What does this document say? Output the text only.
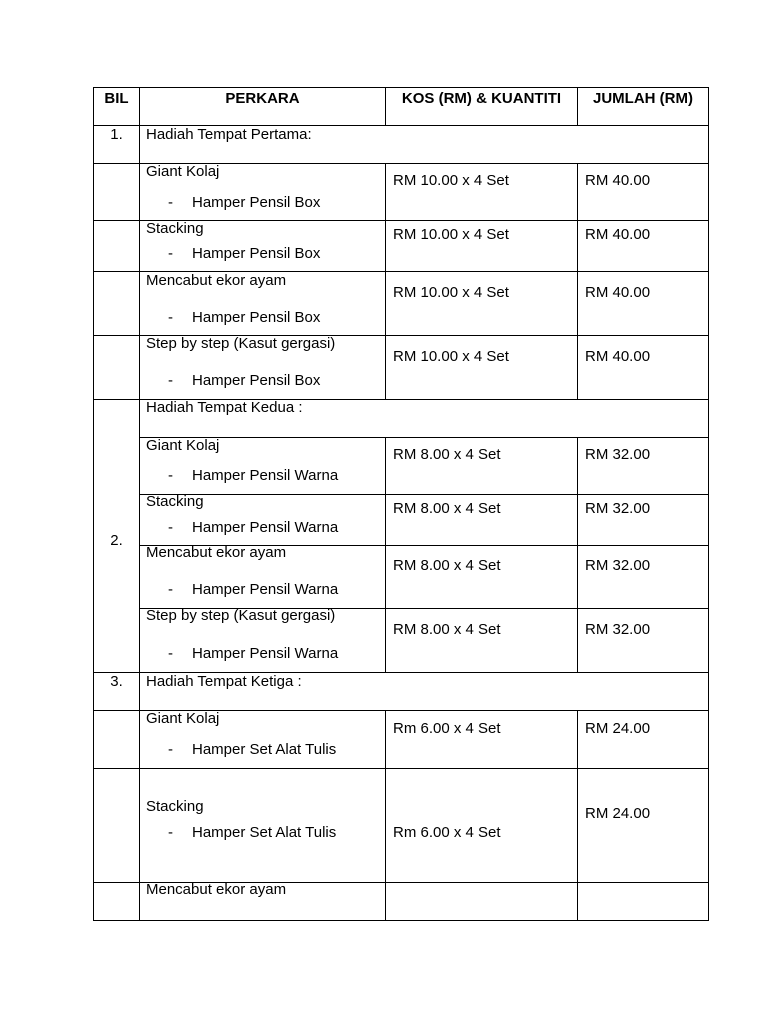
BIL	PERKARA	KOS (RM) & KUANTITI	JUMLAH (RM)

1.	Hadiah Tempat Pertama:		

	Giant Kolaj
- Hamper Pensil Box	RM 10.00 x 4 Set	RM 40.00

	Stacking
- Hamper Pensil Box	RM 10.00 x 4 Set	RM 40.00

	Mencabut ekor ayam
- Hamper Pensil Box	RM 10.00 x 4 Set	RM 40.00

	Step by step (Kasut gergasi)
- Hamper Pensil Box	RM 10.00 x 4 Set	RM 40.00

2.	Hadiah Tempat Kedua :		

	Giant Kolaj
- Hamper Pensil Warna	RM 8.00 x 4 Set	RM 32.00

	Stacking
- Hamper Pensil Warna	RM 8.00 x 4 Set	RM 32.00

	Mencabut ekor ayam
- Hamper Pensil Warna	RM 8.00 x 4 Set	RM 32.00

	Step by step (Kasut gergasi)
- Hamper Pensil Warna	RM 8.00 x 4 Set	RM 32.00

3.	Hadiah Tempat Ketiga :		

	Giant Kolaj
- Hamper Set Alat Tulis	Rm 6.00 x 4 Set	RM 24.00

	Stacking
- Hamper Set Alat Tulis	Rm 6.00 x 4 Set	RM 24.00

	Mencabut ekor ayam		
